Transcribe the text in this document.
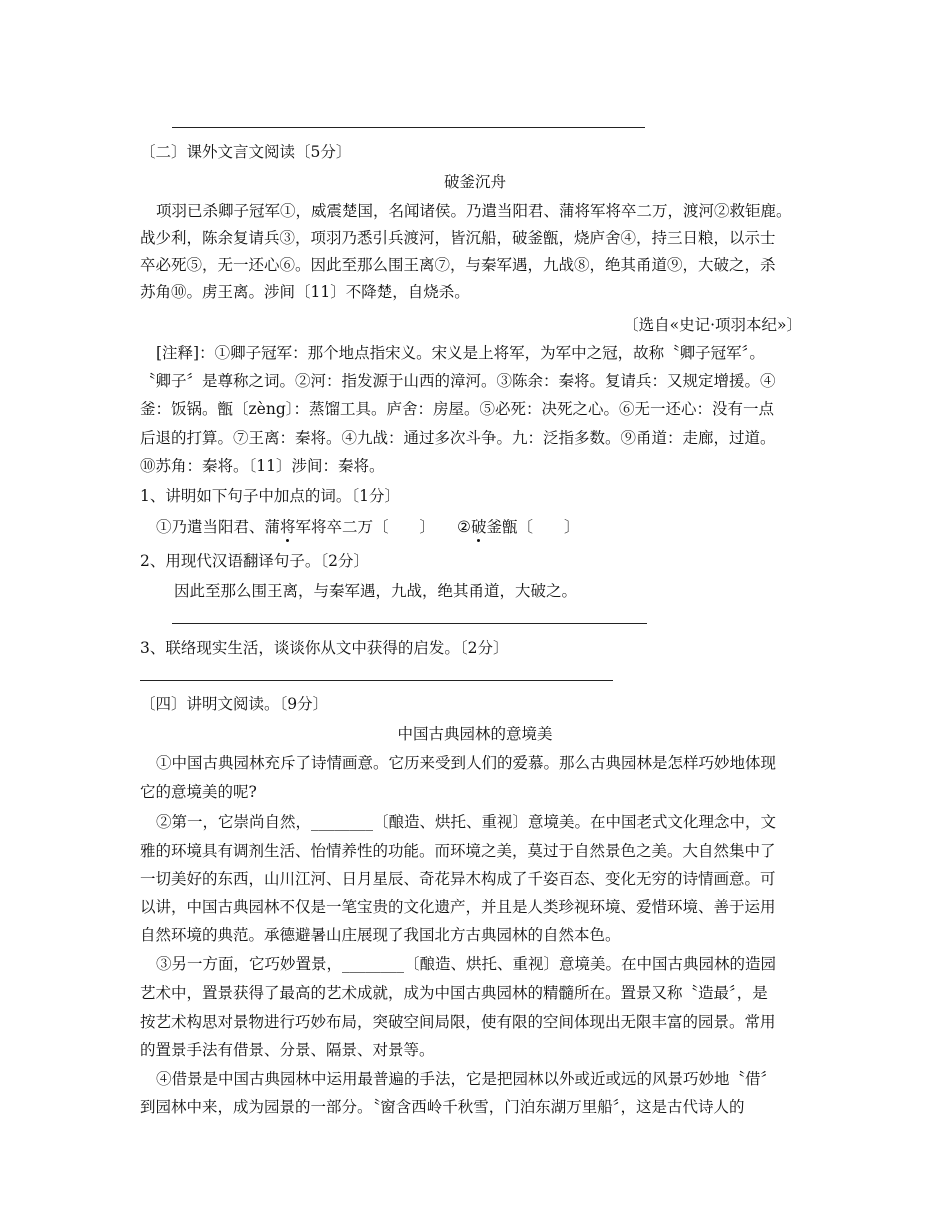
〔二〕课外文言文阅读〔5分〕
破釜沉舟
项羽已杀卿子冠军①，威震楚国，名闻诸侯。乃遣当阳君、蒲将军将卒二万，渡河②救钜鹿。
战少利，陈余复请兵③，项羽乃悉引兵渡河，皆沉船，破釜甑，烧庐舍④，持三日粮，以示士
卒必死⑤，无一还心⑥。因此至那么围王离⑦，与秦军遇，九战⑧，绝其甬道⑨，大破之，杀
苏角⑩。虏王离。涉间〔11〕不降楚，自烧杀。
〔选自«史记·项羽本纪»〕
[注释]：①卿子冠军：那个地点指宋义。宋义是上将军，为军中之冠，故称〝卿子冠军〞。
〝卿子〞是尊称之词。②河：指发源于山西的漳河。③陈余：秦将。复请兵：又规定增援。④
釜：饭锅。甑〔zèng〕：蒸馏工具。庐舍：房屋。⑤必死：决死之心。⑥无一还心：没有一点
后退的打算。⑦王离：秦将。④九战：通过多次斗争。九：泛指多数。⑨甬道：走廊，过道。
⑩苏角：秦将。〔11〕涉间：秦将。
1、讲明如下句子中加点的词。〔1分〕
①乃遣当阳君、蒲将军将卒二万〔　　〕 ②破釜甑〔　　〕
2、用现代汉语翻译句子。〔2分〕
因此至那么围王离，与秦军遇，九战，绝其甬道，大破之。
3、联络现实生活，谈谈你从文中获得的启发。〔2分〕
〔四〕讲明文阅读。〔9分〕
中国古典园林的意境美
①中国古典园林充斥了诗情画意。它历来受到人们的爱慕。那么古典园林是怎样巧妙地体现
它的意境美的呢?
②第一，它崇尚自然，________〔酿造、烘托、重视〕意境美。在中国老式文化理念中，文
雅的环境具有调剂生活、怡情养性的功能。而环境之美，莫过于自然景色之美。大自然集中了
一切美好的东西，山川江河、日月星辰、奇花异木构成了千姿百态、变化无穷的诗情画意。可
以讲，中国古典园林不仅是一笔宝贵的文化遗产，并且是人类珍视环境、爱惜环境、善于运用
自然环境的典范。承德避暑山庄展现了我国北方古典园林的自然本色。
③另一方面，它巧妙置景，________〔酿造、烘托、重视〕意境美。在中国古典园林的造园
艺术中，置景获得了最高的艺术成就，成为中国古典园林的精髓所在。置景又称〝造最〞，是
按艺术构思对景物进行巧妙布局，突破空间局限，使有限的空间体现出无限丰富的园景。常用
的置景手法有借景、分景、隔景、对景等。
④借景是中国古典园林中运用最普遍的手法，它是把园林以外或近或远的风景巧妙地〝借〞
到园林中来，成为园景的一部分。〝窗含西岭千秋雪，门泊东湖万里船〞，这是古代诗人的
